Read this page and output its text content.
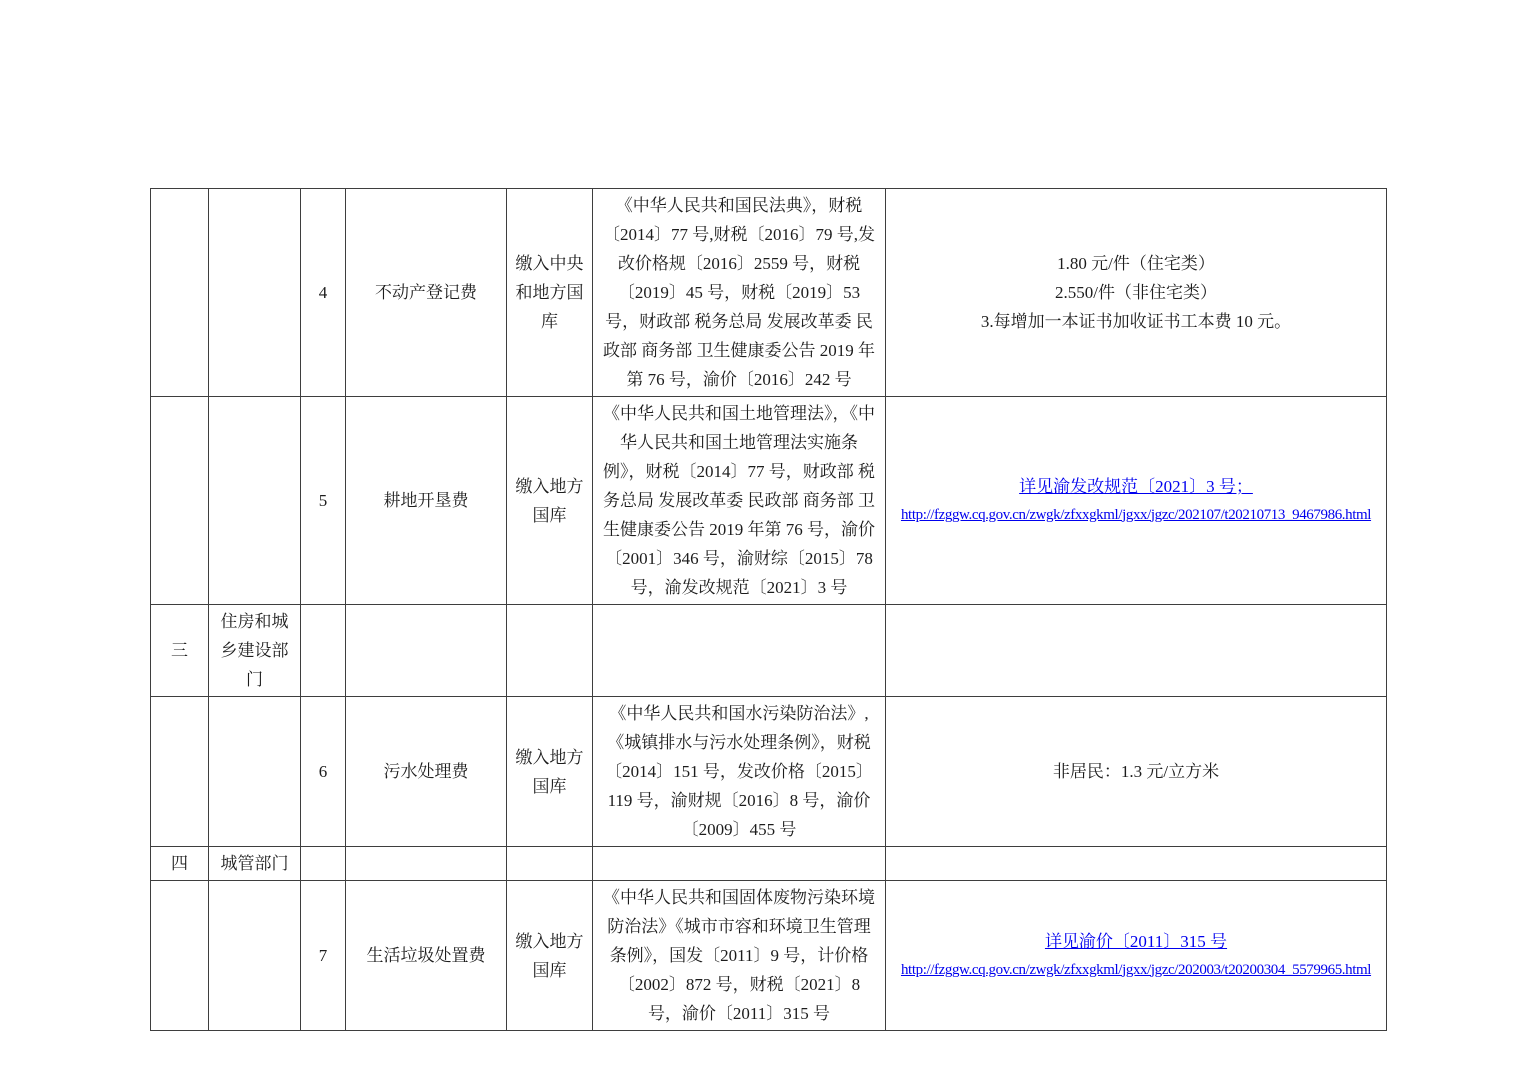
		4	不动产登记费	缴入中央和地方国库	《中华人民共和国民法典》，财税〔2014〕77 号,财税〔2016〕79 号,发改价格规〔2016〕2559 号，财税〔2019〕45 号，财税〔2019〕53 号，财政部 税务总局 发展改革委 民政部 商务部 卫生健康委公告 2019 年第 76 号，渝价〔2016〕242 号	1.80 元/件（住宅类）
2.550/件（非住宅类）
3.每增加一本证书加收证书工本费 10 元。

		5	耕地开垦费	缴入地方国库	《中华人民共和国土地管理法》，《中华人民共和国土地管理法实施条例》，财税〔2014〕77 号，财政部 税务总局 发展改革委 民政部 商务部 卫生健康委公告 2019 年第 76 号，渝价〔2001〕346 号，渝财综〔2015〕78 号，渝发改规范〔2021〕3 号	详见渝发改规范〔2021〕3 号；
http://fzggw.cq.gov.cn/zwgk/zfxxgkml/jgxx/jgzc/202107/t20210713_9467986.html

三	住房和城乡建设部门					
		6	污水处理费	缴入地方国库	《中华人民共和国水污染防治法》,《城镇排水与污水处理条例》，财税〔2014〕151 号，发改价格〔2015〕119 号，渝财规〔2016〕8 号，渝价〔2009〕455 号	非居民：1.3 元/立方米
四	城管部门					
		7	生活垃圾处置费	缴入地方国库	《中华人民共和国固体废物污染环境防治法》《城市市容和环境卫生管理条例》，国发〔2011〕9 号，计价格〔2002〕872 号，财税〔2021〕8 号，渝价〔2011〕315 号	详见渝价〔2011〕315 号
http://fzggw.cq.gov.cn/zwgk/zfxxgkml/jgxx/jgzc/202003/t20200304_5579965.html
